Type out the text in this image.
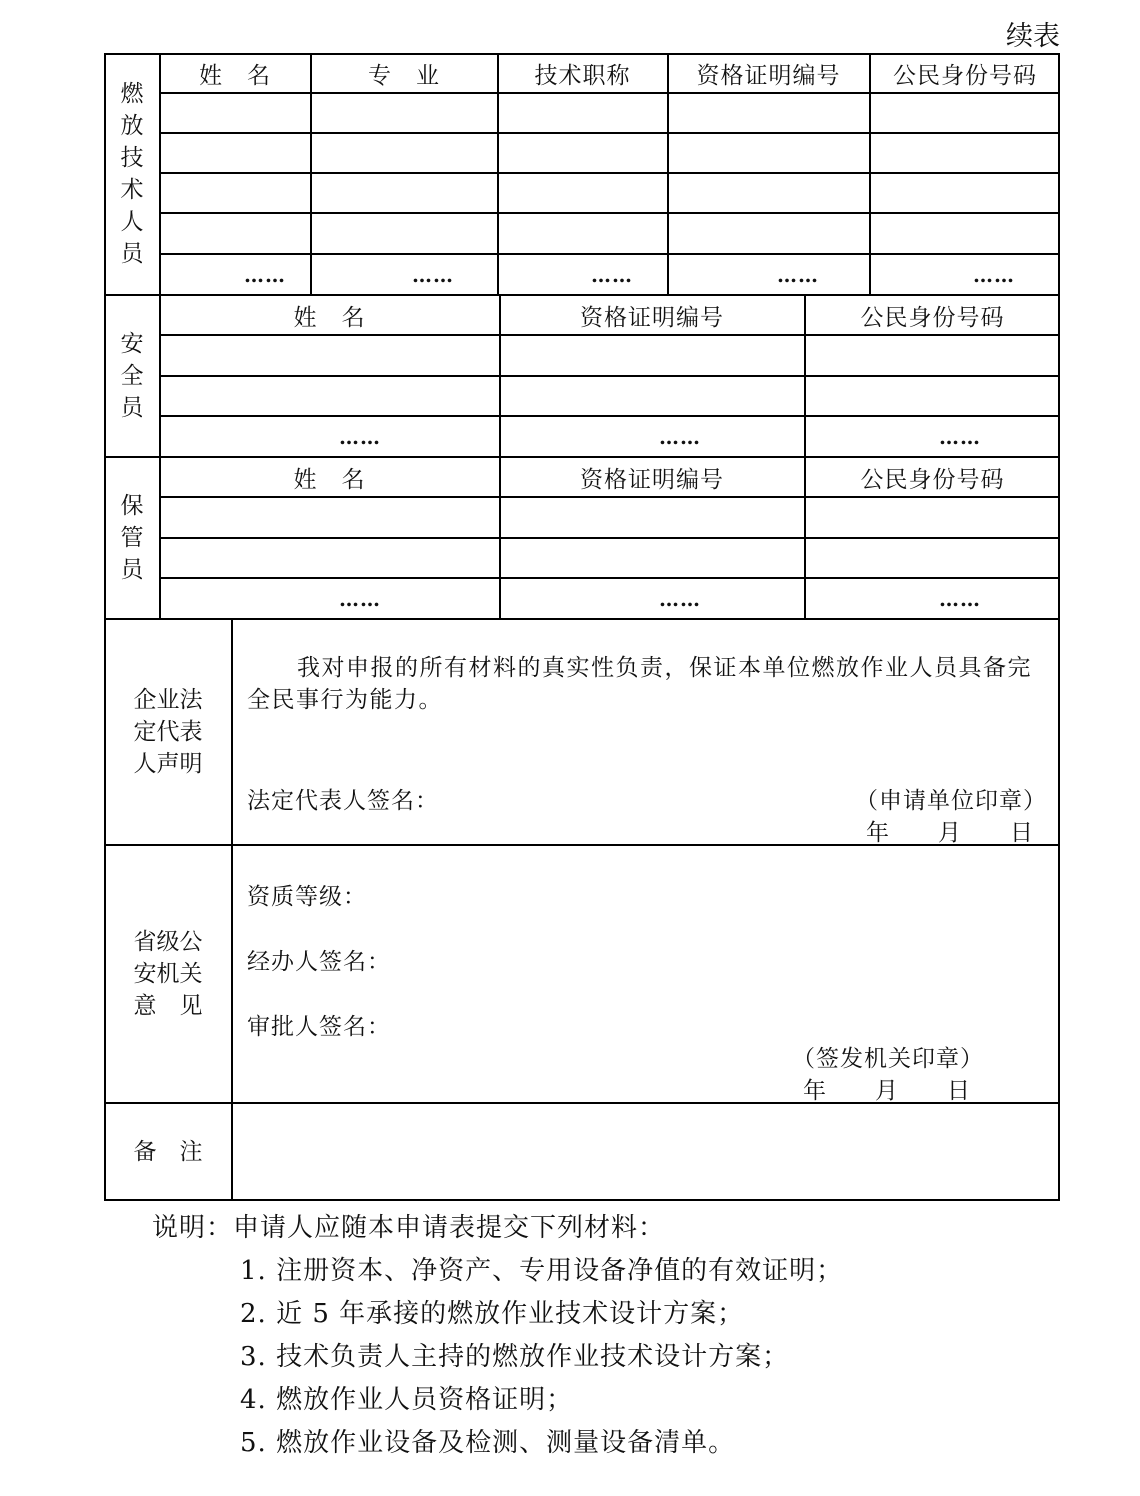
续表
燃
放
技
术
人
员
姓　名	专　业	技术职称	资格证明编号	公民身份号码
……	……	……	……	……
安
全
员
姓　名	资格证明编号	公民身份号码
……	……	……
保
管
员
姓　名	资格证明编号	公民身份号码
……	……	……
企业法定代表人声明
我对申报的所有材料的真实性负责，保证本单位燃放作业人员具备完全民事行为能力。
法定代表人签名：	（申请单位印章）
年　　月　　日
省级公安机关意　见
资质等级：
经办人签名：
审批人签名：
（签发机关印章）
年　　月　　日
备　注
说明：申请人应随本申请表提交下列材料：
1. 注册资本、净资产、专用设备净值的有效证明；
2. 近 5 年承接的燃放作业技术设计方案；
3. 技术负责人主持的燃放作业技术设计方案；
4. 燃放作业人员资格证明；
5. 燃放作业设备及检测、测量设备清单。
